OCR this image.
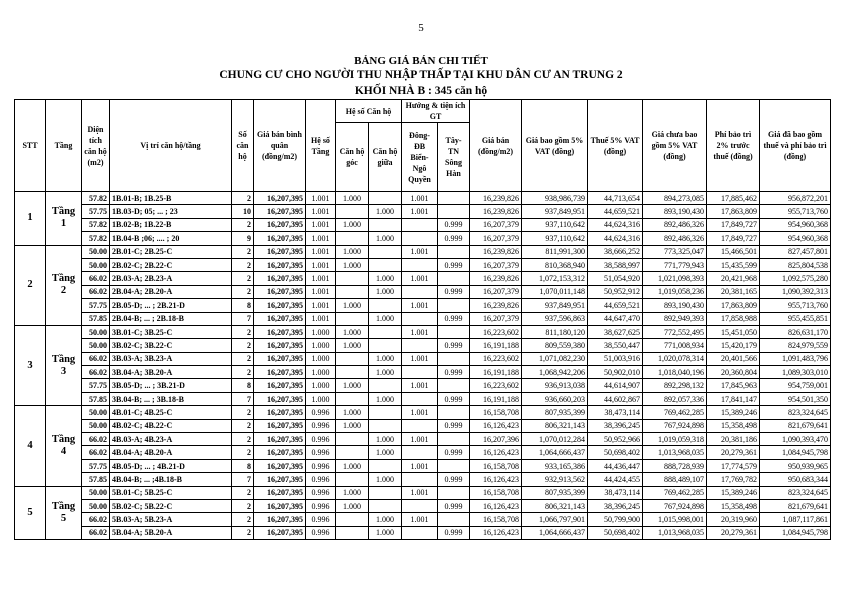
5
BẢNG GIÁ BÁN CHI TIẾT
CHUNG CƯ CHO NGƯỜI THU NHẬP THẤP TẠI KHU DÂN CƯ AN TRUNG 2
KHỐI NHÀ B : 345 căn hộ
STT	Tầng	Diện tích căn hộ (m2)	Vị trí căn hộ/tầng	Số căn hộ	Giá bán bình quân (đồng/m2)	Hệ số Tầng	Hệ số Căn hộ		Hướng & tiện ích GT		Giá bán (đồng/m2)	Giá bao gồm 5% VAT (đồng)	Thuế 5% VAT (đồng)	Giá chưa bao gồm 5% VAT (đồng)	Phí bảo trì 2% trước thuế (đồng)	Giá đã bao gồm thuế và phí bảo trì (đồng)
							Căn hộ góc	Căn hộ giữa	Đông-ĐB Biển-Ngô Quyền	Tây-TN Sông Hàn						
1	Tầng 1	57.82	1B.01-B; 1B.25-B	2	16,207,395	1.001	1.000		1.001		16,239,826	938,986,739	44,713,654	894,273,085	17,885,462	956,872,201
		57.75	1B.03-D; 05; ... ; 23	10	16,207,395	1.001		1.000	1.001		16,239,826	937,849,951	44,659,521	893,190,430	17,863,809	955,713,760
		57.82	1B.02-B; 1B.22-B	2	16,207,395	1.001	1.000			0.999	16,207,379	937,110,642	44,624,316	892,486,326	17,849,727	954,960,368
		57.82	1B.04-B ;06; .... ; 20	9	16,207,395	1.001		1.000		0.999	16,207,379	937,110,642	44,624,316	892,486,326	17,849,727	954,960,368
2	Tầng 2	50.00	2B.01-C; 2B.25-C	2	16,207,395	1.001	1.000		1.001		16,239,826	811,991,300	38,666,252	773,325,047	15,466,501	827,457,801
		50.00	2B.02-C; 2B.22-C	2	16,207,395	1.001	1.000			0.999	16,207,379	810,368,940	38,588,997	771,779,943	15,435,599	825,804,538
		66.02	2B.03-A; 2B.23-A	2	16,207,395	1.001		1.000	1.001		16,239,826	1,072,153,312	51,054,920	1,021,098,393	20,421,968	1,092,575,280
		66.02	2B.04-A; 2B.20-A	2	16,207,395	1.001		1.000		0.999	16,207,379	1,070,011,148	50,952,912	1,019,058,236	20,381,165	1,090,392,313
		57.75	2B.05-D; ... ; 2B.21-D	8	16,207,395	1.001	1.000		1.001		16,239,826	937,849,951	44,659,521	893,190,430	17,863,809	955,713,760
		57.85	2B.04-B; ... ; 2B.18-B	7	16,207,395	1.001		1.000		0.999	16,207,379	937,596,863	44,647,470	892,949,393	17,858,988	955,455,851
3	Tầng 3	50.00	3B.01-C; 3B.25-C	2	16,207,395	1.000	1.000		1.001		16,223,602	811,180,120	38,627,625	772,552,495	15,451,050	826,631,170
		50.00	3B.02-C; 3B.22-C	2	16,207,395	1.000	1.000			0.999	16,191,188	809,559,380	38,550,447	771,008,934	15,420,179	824,979,559
		66.02	3B.03-A; 3B.23-A	2	16,207,395	1.000		1.000	1.001		16,223,602	1,071,082,230	51,003,916	1,020,078,314	20,401,566	1,091,483,796
		66.02	3B.04-A; 3B.20-A	2	16,207,395	1.000		1.000		0.999	16,191,188	1,068,942,206	50,902,010	1,018,040,196	20,360,804	1,089,303,010
		57.75	3B.05-D; ... ; 3B.21-D	8	16,207,395	1.000	1.000		1.001		16,223,602	936,913,038	44,614,907	892,298,132	17,845,963	954,759,001
		57.85	3B.04-B; ... ; 3B.18-B	7	16,207,395	1.000		1.000		0.999	16,191,188	936,660,203	44,602,867	892,057,336	17,841,147	954,501,350
4	Tầng 4	50.00	4B.01-C; 4B.25-C	2	16,207,395	0.996	1.000		1.001		16,158,708	807,935,399	38,473,114	769,462,285	15,389,246	823,324,645
		50.00	4B.02-C; 4B.22-C	2	16,207,395	0.996	1.000			0.999	16,126,423	806,321,143	38,396,245	767,924,898	15,358,498	821,679,641
		66.02	4B.03-A; 4B.23-A	2	16,207,395	0.996		1.000	1.001		16,207,396	1,070,012,284	50,952,966	1,019,059,318	20,381,186	1,090,393,470
		66.02	4B.04-A; 4B.20-A	2	16,207,395	0.996		1.000		0.999	16,126,423	1,064,666,437	50,698,402	1,013,968,035	20,279,361	1,084,945,798
		57.75	4B.05-D; ... ; 4B.21-D	8	16,207,395	0.996	1.000		1.001		16,158,708	933,165,386	44,436,447	888,728,939	17,774,579	950,939,965
		57.85	4B.04-B; ... ;4B.18-B	7	16,207,395	0.996		1.000		0.999	16,126,423	932,913,562	44,424,455	888,489,107	17,769,782	950,683,344
5	Tầng 5	50.00	5B.01-C; 5B.25-C	2	16,207,395	0.996	1.000		1.001		16,158,708	807,935,399	38,473,114	769,462,285	15,389,246	823,324,645
		50.00	5B.02-C; 5B.22-C	2	16,207,395	0.996	1.000			0.999	16,126,423	806,321,143	38,396,245	767,924,898	15,358,498	821,679,641
		66.02	5B.03-A; 5B.23-A	2	16,207,395	0.996		1.000	1.001		16,158,708	1,066,797,901	50,799,900	1,015,998,001	20,319,960	1,087,117,861
		66.02	5B.04-A; 5B.20-A	2	16,207,395	0.996		1.000		0.999	16,126,423	1,064,666,437	50,698,402	1,013,968,035	20,279,361	1,084,945,798
